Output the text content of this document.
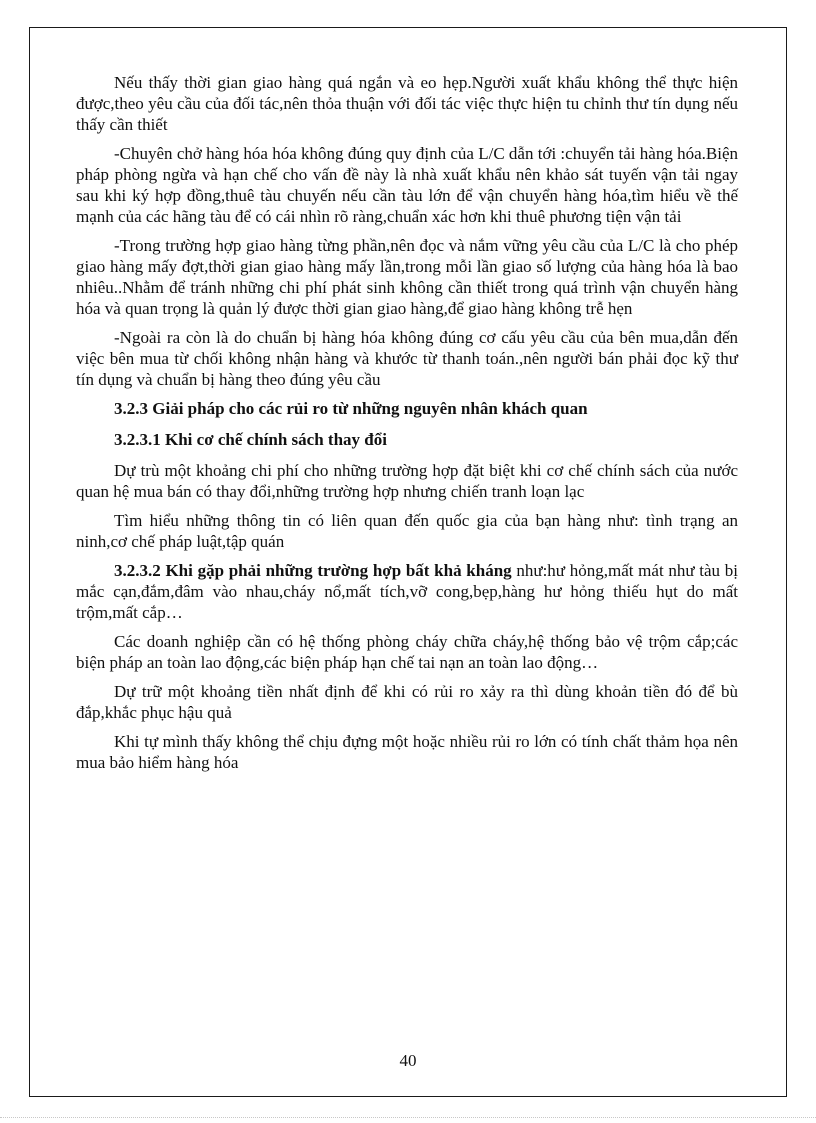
Nếu thấy thời gian giao hàng quá ngắn và eo hẹp.Người xuất khẩu không thể thực hiện được,theo yêu cầu của đối tác,nên thỏa thuận với đối tác việc thực hiện tu chỉnh thư tín dụng nếu thấy cần thiết

-Chuyên chở hàng hóa hóa không đúng quy định của L/C dẫn tới :chuyển tải hàng hóa.Biện pháp phòng ngừa và hạn chế cho vấn đề này là nhà xuất khẩu nên khảo sát tuyến vận tải ngay sau khi ký hợp đồng,thuê tàu chuyến nếu cần tàu lớn để vận chuyển hàng hóa,tìm hiểu về thế mạnh của các hãng tàu để có cái nhìn rõ ràng,chuẩn xác hơn khi thuê phương tiện vận tải

-Trong trường hợp giao hàng từng phần,nên đọc và nắm vững yêu cầu của L/C là cho phép giao hàng mấy đợt,thời gian giao hàng mấy lần,trong mỗi lần giao số lượng của hàng hóa là bao nhiêu..Nhằm để tránh những chi phí phát sinh không cần thiết trong quá trình vận chuyển hàng hóa và quan trọng là quản lý được thời gian giao hàng,để giao hàng không trễ hẹn

-Ngoài ra còn là do chuẩn bị hàng hóa không đúng cơ cấu yêu cầu của bên mua,dẫn đến việc bên mua từ chối không nhận hàng và khước từ thanh toán.,nên người bán phải đọc kỹ thư tín dụng và chuẩn bị hàng theo đúng yêu cầu

3.2.3 Giải pháp cho các rủi ro từ những nguyên nhân khách quan

3.2.3.1 Khi cơ chế chính sách thay đổi

Dự trù một khoảng chi phí cho những trường hợp đặt biệt khi cơ chế chính sách của nước quan hệ mua bán có thay đổi,những trường hợp nhưng chiến tranh loạn lạc

Tìm hiểu những thông tin có liên quan đến quốc gia của bạn hàng như: tình trạng an ninh,cơ chế pháp luật,tập quán

3.2.3.2 Khi gặp phải những trường hợp bất khả kháng như:hư hỏng,mất mát như tàu bị mắc cạn,đắm,đâm vào nhau,cháy nổ,mất tích,vỡ cong,bẹp,hàng hư hỏng thiếu hụt do mất trộm,mất cắp…

Các doanh nghiệp cần có hệ thống phòng cháy chữa cháy,hệ thống bảo vệ trộm cắp;các biện pháp an toàn lao động,các biện pháp hạn chế tai nạn an toàn lao động…

Dự trữ một khoảng tiền nhất định để khi có rủi ro xảy ra thì dùng khoản tiền đó để bù đắp,khắc phục hậu quả

Khi tự mình thấy không thể chịu đựng một hoặc nhiều rủi ro lớn có tính chất thảm họa nên mua bảo hiểm hàng hóa

40
